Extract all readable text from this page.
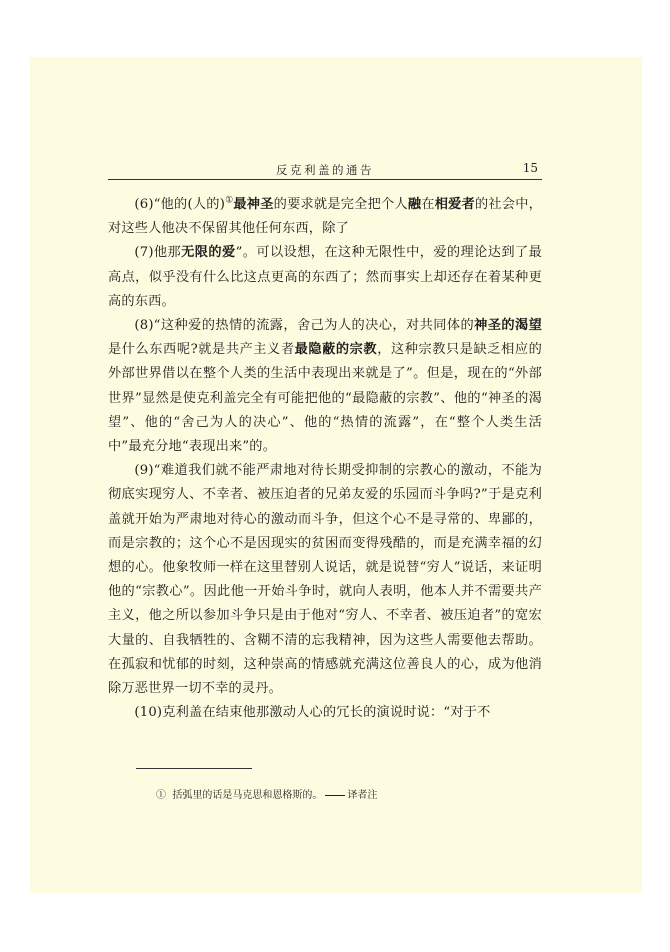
反克利盖的通告	15

(6)“他的(人的)①最神圣的要求就是完全把个人融在相爱者的社会中，对这些人他决不保留其他任何东西，除了

(7)他那无限的爱”。可以设想，在这种无限性中，爱的理论达到了最高点，似乎没有什么比这点更高的东西了；然而事实上却还存在着某种更高的东西。

(8)“这种爱的热情的流露，舍己为人的决心，对共同体的神圣的渴望是什么东西呢?就是共产主义者最隐蔽的宗教，这种宗教只是缺乏相应的外部世界借以在整个人类的生活中表现出来就是了”。但是，现在的“外部世界”显然是使克利盖完全有可能把他的“最隐蔽的宗教”、他的“神圣的渴望”、他的“舍己为人的决心”、他的“热情的流露”，在“整个人类生活中”最充分地“表现出来”的。

(9)“难道我们就不能严肃地对待长期受抑制的宗教心的激动，不能为彻底实现穷人、不幸者、被压迫者的兄弟友爱的乐园而斗争吗?”于是克利盖就开始为严肃地对待心的激动而斗争，但这个心不是寻常的、卑鄙的，而是宗教的；这个心不是因现实的贫困而变得残酷的，而是充满幸福的幻想的心。他象牧师一样在这里替别人说话，就是说替“穷人”说话，来证明他的“宗教心”。因此他一开始斗争时，就向人表明，他本人并不需要共产主义，他之所以参加斗争只是由于他对“穷人、不幸者、被压迫者”的宽宏大量的、自我牺牲的、含糊不清的忘我精神，因为这些人需要他去帮助。在孤寂和忧郁的时刻，这种崇高的情感就充满这位善良人的心，成为他消除万恶世界一切不幸的灵丹。

(10)克利盖在结束他那激动人心的冗长的演说时说：“对于不

① 括弧里的话是马克思和恩格斯的。	译者注
